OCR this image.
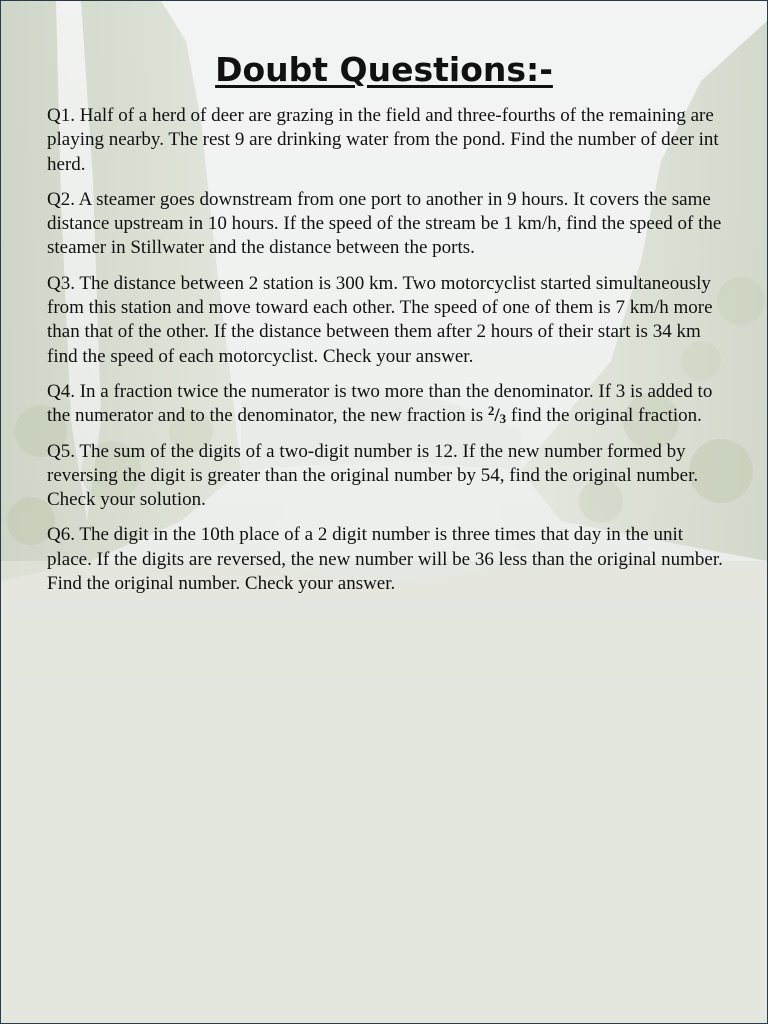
Doubt Questions:-

Q1. Half of a herd of deer are grazing in the field and three-fourths of the remaining are playing nearby. The rest 9 are drinking water from the pond. Find the number of deer int herd.

Q2. A steamer goes downstream from one port to another in 9 hours. It covers the same distance upstream in 10 hours. If the speed of the stream be 1 km/h, find the speed of the steamer in Stillwater and the distance between the ports.

Q3. The distance between 2 station is 300 km. Two motorcyclist started simultaneously from this station and move toward each other. The speed of one of them is 7 km/h more than that of the other. If the distance between them after 2 hours of their start is 34 km find the speed of each motorcyclist. Check your answer.

Q4. In a fraction twice the numerator is two more than the denominator. If 3 is added to the numerator and to the denominator, the new fraction is $^2/_3$ find the original fraction.

Q5. The sum of the digits of a two-digit number is 12. If the new number formed by reversing the digit is greater than the original number by 54, find the original number. Check your solution.

Q6. The digit in the 10th place of a 2 digit number is three times that day in the unit place. If the digits are reversed, the new number will be 36 less than the original number. Find the original number. Check your answer.
